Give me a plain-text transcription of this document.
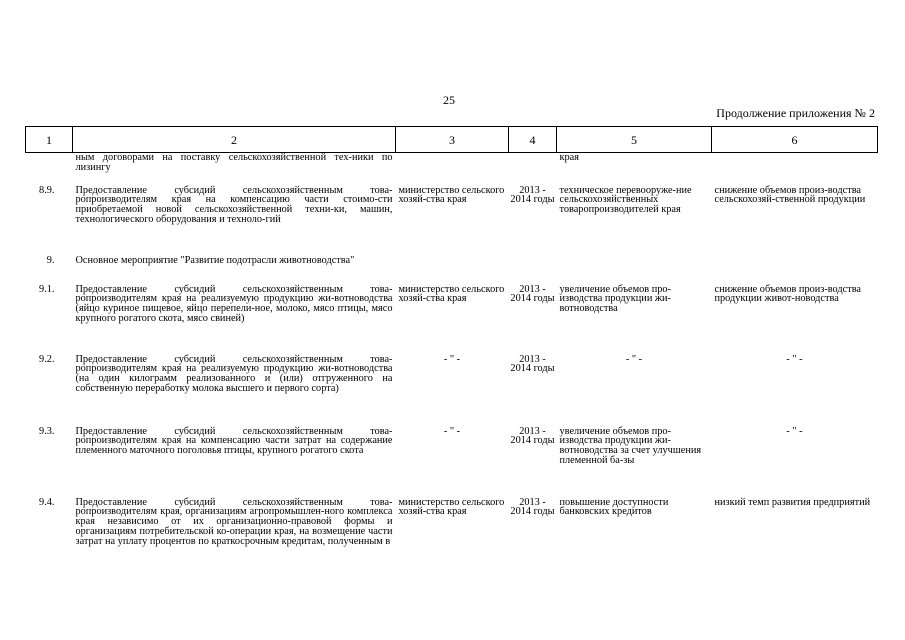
25
Продолжение приложения № 2
1	2	3	4	5	6
	ным договорами на поставку сельскохозяйственной тех-ники по лизингу			края	
8.9.	Предоставление субсидий сельскохозяйственным това-ропроизводителям края на компенсацию части стоимо-сти приобретаемой новой сельскохозяйственной техни-ки, машин, технологического оборудования и техноло-гий	министерство сельского хозяй-ства края	2013 - 2014 годы	техническое перевооруже-ние сельскохозяйственных товаропроизводителей края	снижение объемов произ-водства сельскохозяй-ственной продукции
9.	Основное мероприятие "Развитие подотрасли животноводства"				
9.1.	Предоставление субсидий сельскохозяйственным това-ропроизводителям края на реализуемую продукцию жи-вотноводства (яйцо куриное пищевое, яйцо перепели-ное, молоко, мясо птицы, мясо крупного рогатого скота, мясо свиней)	министерство сельского хозяй-ства края	2013 - 2014 годы	увеличение объемов про-изводства продукции жи-вотноводства	снижение объемов произ-водства продукции живот-новодства
9.2.	Предоставление субсидий сельскохозяйственным това-ропроизводителям края на реализуемую продукцию жи-вотноводства (на один килограмм реализованного и (или) отгруженного на собственную переработку молока высшего и первого сорта)	- " -	2013 - 2014 годы	- " -	- " -
9.3.	Предоставление субсидий сельскохозяйственным това-ропроизводителям края на компенсацию части затрат на содержание племенного маточного поголовья птицы, крупного рогатого скота	- " -	2013 - 2014 годы	увеличение объемов про-изводства продукции жи-вотноводства за счет улучшения племенной ба-зы	- " -
9.4.	Предоставление субсидий сельскохозяйственным това-ропроизводителям края, организациям агропромышлен-ного комплекса края независимо от их организационно-правовой формы и организациям потребительской ко-операции края, на возмещение части затрат на уплату процентов по краткосрочным кредитам, полученным в	министерство сельского хозяй-ства края	2013 - 2014 годы	повышение доступности банковских кредитов	низкий темп развития предприятий
